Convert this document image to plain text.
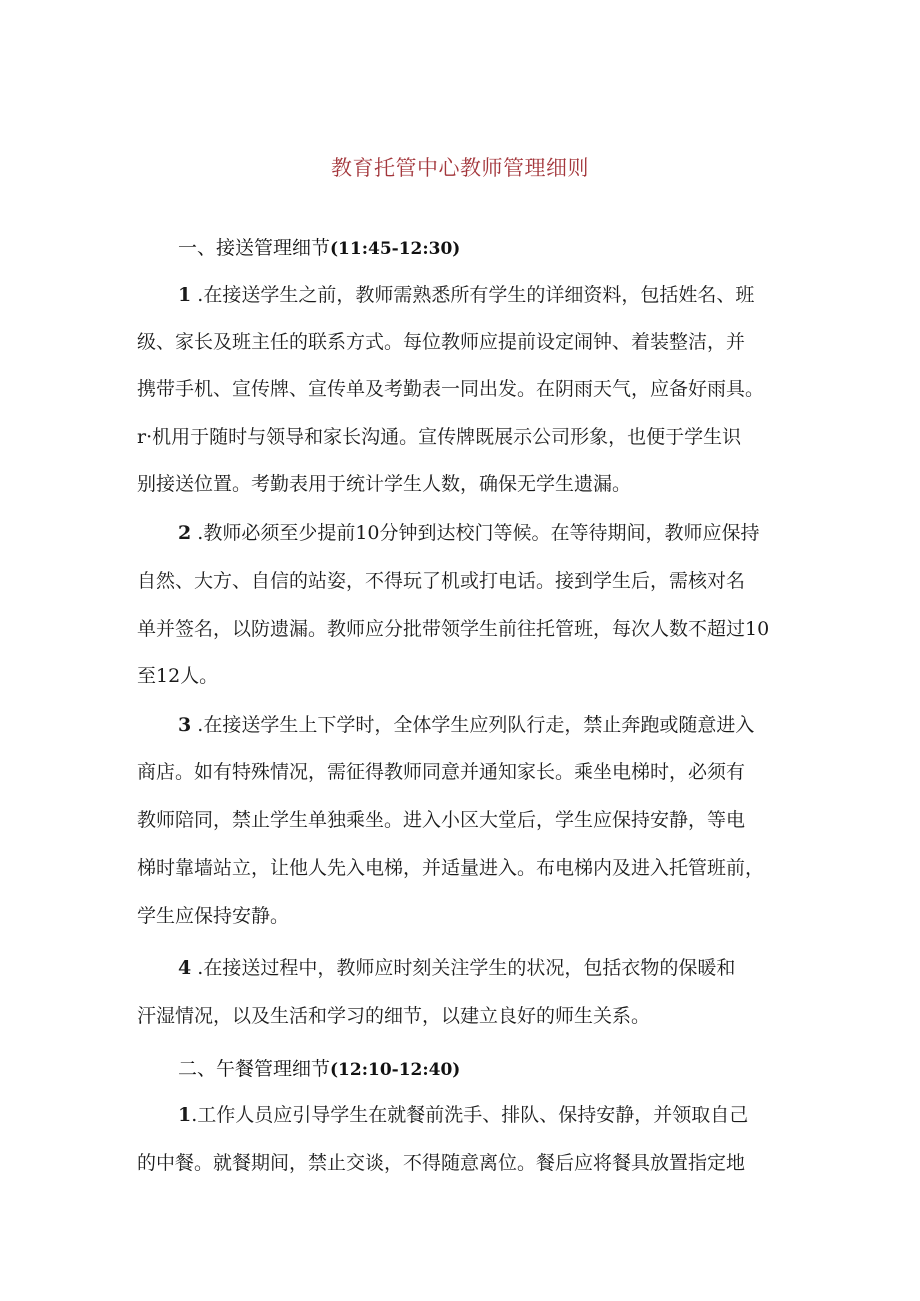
教育托管中心教师管理细则
一、接送管理细节(11:45-12:30)
1 .在接送学生之前，教师需熟悉所有学生的详细资料，包括姓名、班
级、家长及班主任的联系方式。每位教师应提前设定闹钟、着装整洁，并
携带手机、宣传牌、宣传单及考勤表一同出发。在阴雨天气，应备好雨具。
r·机用于随时与领导和家长沟通。宣传牌既展示公司形象，也便于学生识
别接送位置。考勤表用于统计学生人数，确保无学生遗漏。
2 .教师必须至少提前10分钟到达校门等候。在等待期间，教师应保持
自然、大方、自信的站姿，不得玩了机或打电话。接到学生后，需核对名
单并签名，以防遗漏。教师应分批带领学生前往托管班，每次人数不超过10
至12人。
3 .在接送学生上下学时，全体学生应列队行走，禁止奔跑或随意进入
商店。如有特殊情况，需征得教师同意并通知家长。乘坐电梯时，必须有
教师陪同，禁止学生单独乘坐。进入小区大堂后，学生应保持安静，等电
梯时靠墙站立，让他人先入电梯，并适量进入。布电梯内及进入托管班前，
学生应保持安静。
4 .在接送过程中，教师应时刻关注学生的状况，包括衣物的保暖和
汗湿情况，以及生活和学习的细节，以建立良好的师生关系。
二、午餐管理细节(12:10-12:40)
1.工作人员应引导学生在就餐前洗手、排队、保持安静，并领取自己
的中餐。就餐期间，禁止交谈，不得随意离位。餐后应将餐具放置指定地
